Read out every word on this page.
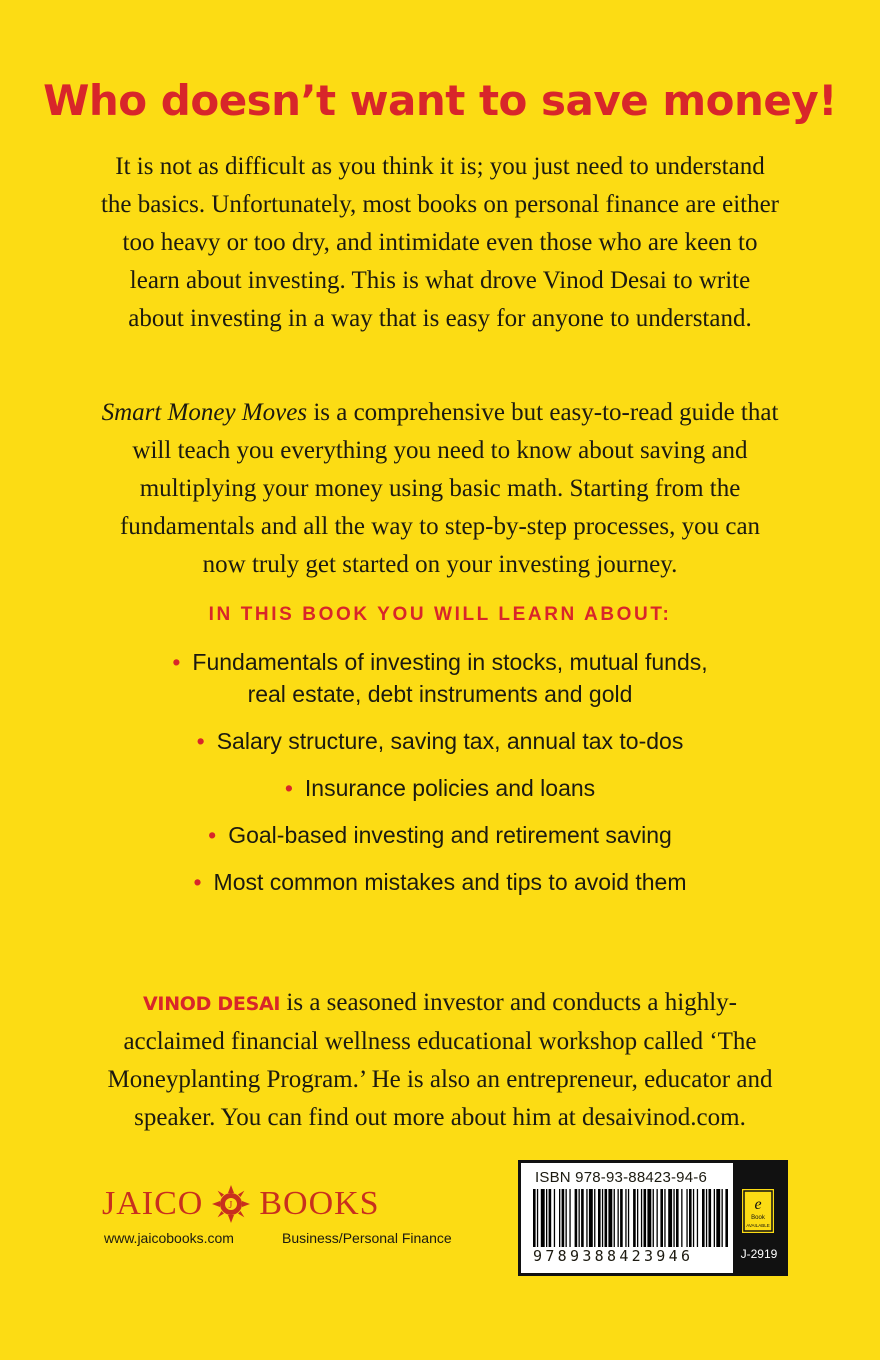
Who doesn’t want to save money!

It is not as difficult as you think it is; you just need to understand the basics. Unfortunately, most books on personal finance are either too heavy or too dry, and intimidate even those who are keen to learn about investing. This is what drove Vinod Desai to write about investing in a way that is easy for anyone to understand.

Smart Money Moves is a comprehensive but easy-to-read guide that will teach you everything you need to know about saving and multiplying your money using basic math. Starting from the fundamentals and all the way to step-by-step processes, you can now truly get started on your investing journey.

IN THIS BOOK YOU WILL LEARN ABOUT:
• Fundamentals of investing in stocks, mutual funds,
real estate, debt instruments and gold
• Salary structure, saving tax, annual tax to-dos
• Insurance policies and loans
• Goal-based investing and retirement saving
• Most common mistakes and tips to avoid them

VINOD DESAI is a seasoned investor and conducts a highly-acclaimed financial wellness educational workshop called ‘The Moneyplanting Program.’ He is also an entrepreneur, educator and speaker. You can find out more about him at desaivinod.com.

JAICO	J BOOKS
www.jaicobooks.com	Business/Personal Finance
ISBN 978-93-88423-94-6
9789388423946
e
Book
AVAILABLE
J-2919
